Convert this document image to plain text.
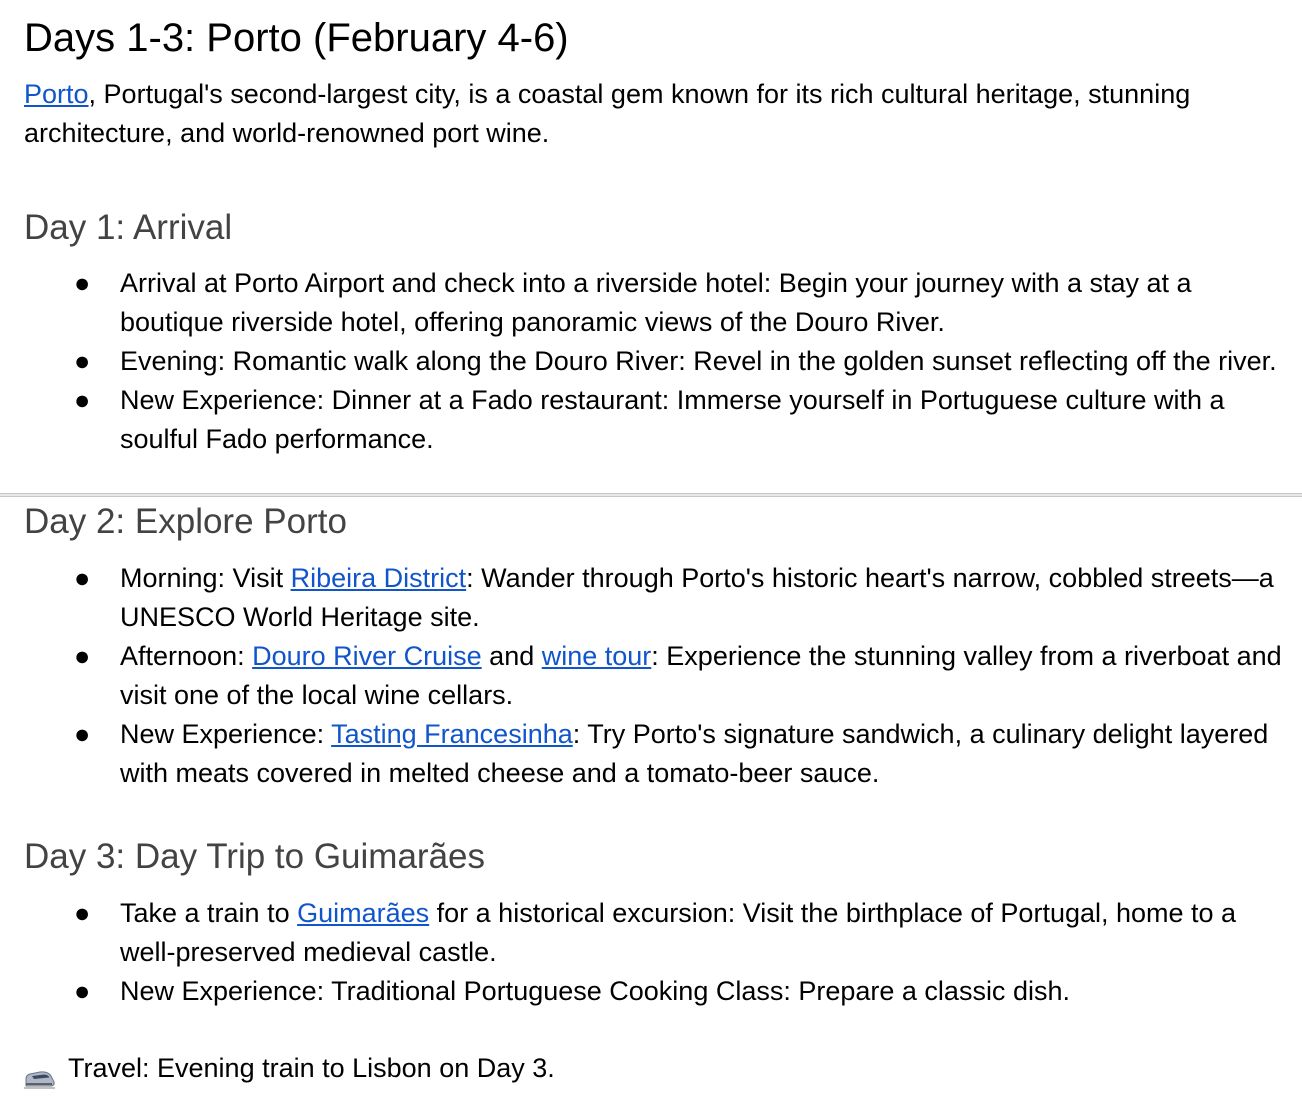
Days 1-3: Porto (February 4-6)

Porto, Portugal's second-largest city, is a coastal gem known for its rich cultural heritage, stunning architecture, and world-renowned port wine.

Day 1: Arrival
● Arrival at Porto Airport and check into a riverside hotel: Begin your journey with a stay at a boutique riverside hotel, offering panoramic views of the Douro River.
● Evening: Romantic walk along the Douro River: Revel in the golden sunset reflecting off the river.
● New Experience: Dinner at a Fado restaurant: Immerse yourself in Portuguese culture with a soulful Fado performance.
Day 2: Explore Porto
● Morning: Visit Ribeira District: Wander through Porto's historic heart's narrow, cobbled streets—a UNESCO World Heritage site.
● Afternoon: Douro River Cruise and wine tour: Experience the stunning valley from a riverboat and visit one of the local wine cellars.
● New Experience: Tasting Francesinha: Try Porto's signature sandwich, a culinary delight layered with meats covered in melted cheese and a tomato-beer sauce.
Day 3: Day Trip to Guimarães
● Take a train to Guimarães for a historical excursion: Visit the birthplace of Portugal, home to a well-preserved medieval castle.
● New Experience: Traditional Portuguese Cooking Class: Prepare a classic dish.
Travel: Evening train to Lisbon on Day 3.
